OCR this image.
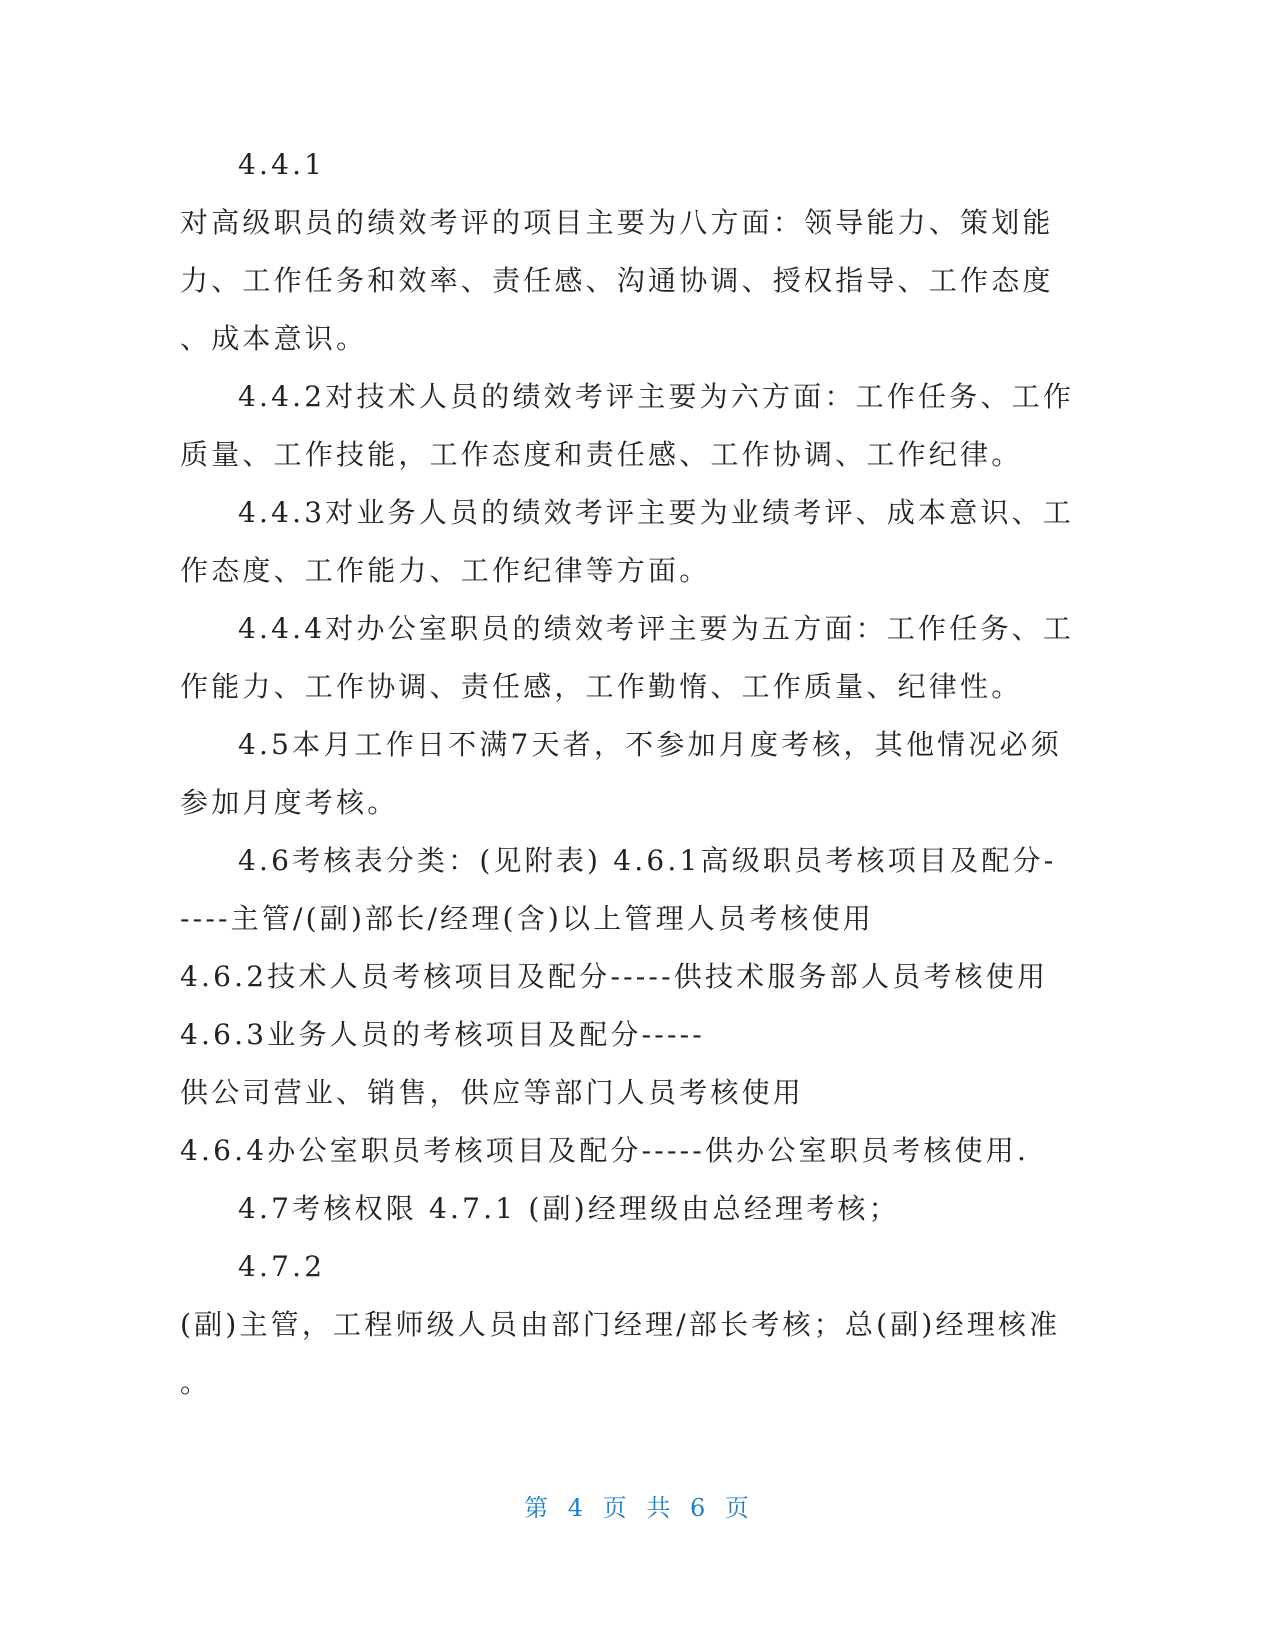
4.4.1
对高级职员的绩效考评的项目主要为八方面：领导能力、策划能
力、工作任务和效率、责任感、沟通协调、授权指导、工作态度
、成本意识。
4.4.2对技术人员的绩效考评主要为六方面：工作任务、工作
质量、工作技能，工作态度和责任感、工作协调、工作纪律。
4.4.3对业务人员的绩效考评主要为业绩考评、成本意识、工
作态度、工作能力、工作纪律等方面。
4.4.4对办公室职员的绩效考评主要为五方面：工作任务、工
作能力、工作协调、责任感，工作勤惰、工作质量、纪律性。
4.5本月工作日不满7天者，不参加月度考核，其他情况必须
参加月度考核。
4.6考核表分类：(见附表) 4.6.1高级职员考核项目及配分-
----主管/(副)部长/经理(含)以上管理人员考核使用
4.6.2技术人员考核项目及配分-----供技术服务部人员考核使用
4.6.3业务人员的考核项目及配分-----
供公司营业、销售，供应等部门人员考核使用
4.6.4办公室职员考核项目及配分-----供办公室职员考核使用.
4.7考核权限 4.7.1 (副)经理级由总经理考核；
4.7.2
(副)主管，工程师级人员由部门经理/部长考核；总(副)经理核准
。
第 4 页 共 6 页
